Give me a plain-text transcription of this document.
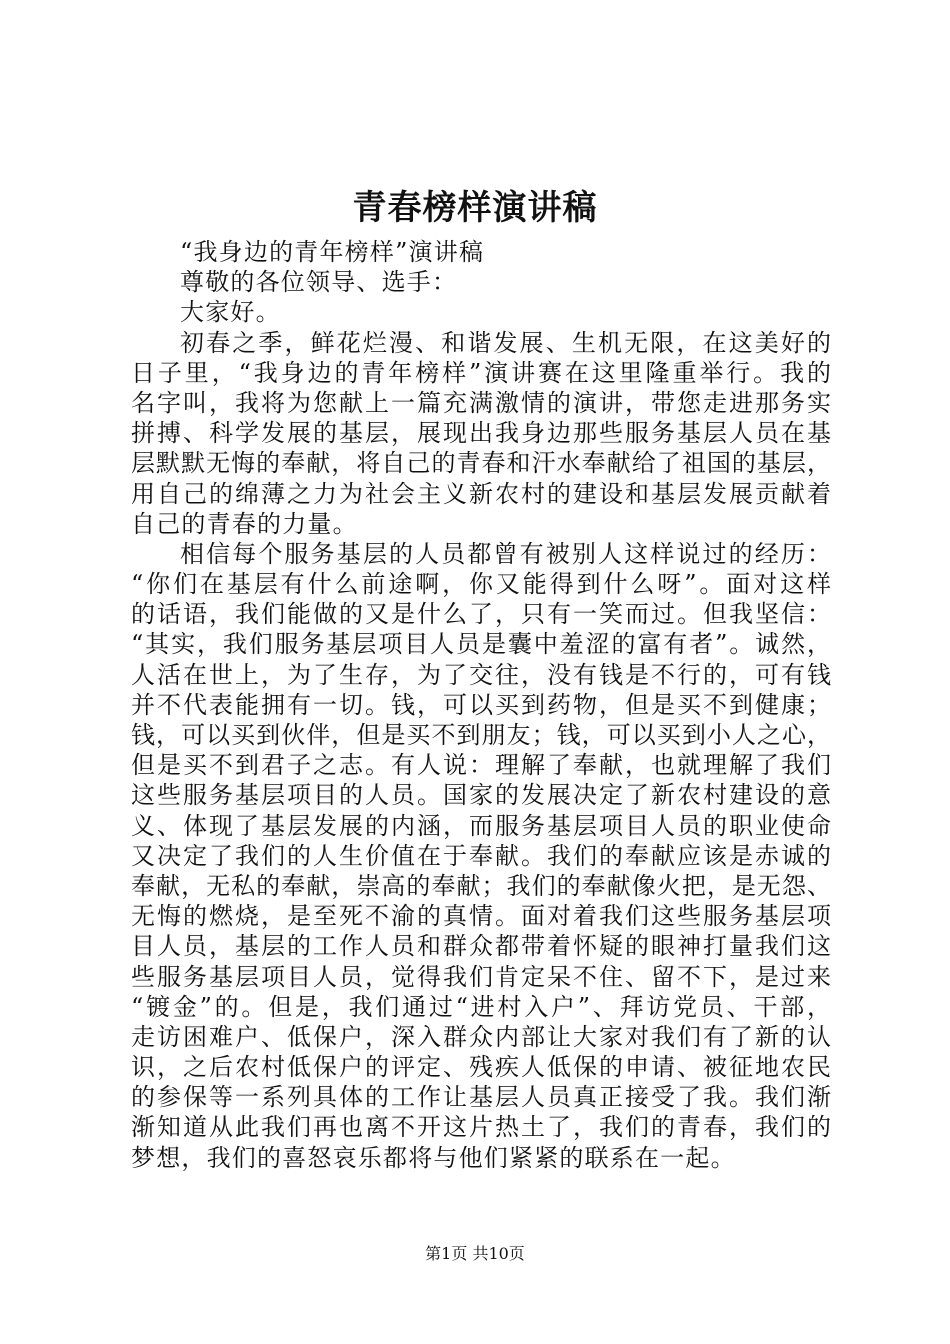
青春榜样演讲稿
“我身边的青年榜样”演讲稿
尊敬的各位领导、选手：
大家好。
初春之季，鲜花烂漫、和谐发展、生机无限，在这美好的
日子里，“我身边的青年榜样”演讲赛在这里隆重举行。我的
名字叫，我将为您献上一篇充满激情的演讲，带您走进那务实
拼搏、科学发展的基层，展现出我身边那些服务基层人员在基
层默默无悔的奉献，将自己的青春和汗水奉献给了祖国的基层，
用自己的绵薄之力为社会主义新农村的建设和基层发展贡献着
自己的青春的力量。
相信每个服务基层的人员都曾有被别人这样说过的经历：
“你们在基层有什么前途啊，你又能得到什么呀”。面对这样
的话语，我们能做的又是什么了，只有一笑而过。但我坚信：
“其实，我们服务基层项目人员是囊中羞涩的富有者”。诚然，
人活在世上，为了生存，为了交往，没有钱是不行的，可有钱
并不代表能拥有一切。钱，可以买到药物，但是买不到健康；
钱，可以买到伙伴，但是买不到朋友；钱，可以买到小人之心，
但是买不到君子之志。有人说：理解了奉献，也就理解了我们
这些服务基层项目的人员。国家的发展决定了新农村建设的意
义、体现了基层发展的内涵，而服务基层项目人员的职业使命
又决定了我们的人生价值在于奉献。我们的奉献应该是赤诚的
奉献，无私的奉献，崇高的奉献；我们的奉献像火把，是无怨、
无悔的燃烧，是至死不渝的真情。面对着我们这些服务基层项
目人员，基层的工作人员和群众都带着怀疑的眼神打量我们这
些服务基层项目人员，觉得我们肯定呆不住、留不下，是过来
“镀金”的。但是，我们通过“进村入户”、拜访党员、干部，
走访困难户、低保户，深入群众内部让大家对我们有了新的认
识，之后农村低保户的评定、残疾人低保的申请、被征地农民
的参保等一系列具体的工作让基层人员真正接受了我。我们渐
渐知道从此我们再也离不开这片热土了，我们的青春，我们的
梦想，我们的喜怒哀乐都将与他们紧紧的联系在一起。
第1页 共10页
